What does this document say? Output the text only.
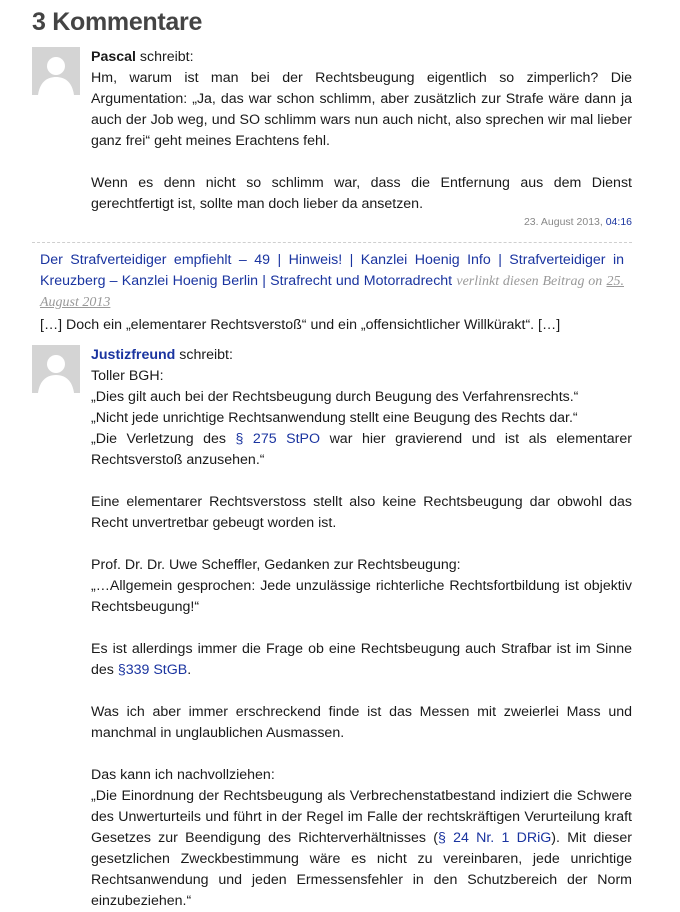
3 Kommentare
Pascal schreibt:

Hm, warum ist man bei der Rechtsbeugung eigentlich so zimperlich? Die Argumentation: „Ja, das war schon schlimm, aber zusätzlich zur Strafe wäre dann ja auch der Job weg, und SO schlimm wars nun auch nicht, also sprechen wir mal lieber ganz frei“ geht meines Erachtens fehl.

Wenn es denn nicht so schlimm war, dass die Entfernung aus dem Dienst gerechtfertigt ist, sollte man doch lieber da ansetzen.

23. August 2013, 04:16
Der Strafverteidiger empfiehlt – 49 | Hinweis! | Kanzlei Hoenig Info | Strafverteidiger in Kreuzberg – Kanzlei Hoenig Berlin | Strafrecht und Motorradrecht verlinkt diesen Beitrag on 25. August 2013
[…] Doch ein „elementarer Rechtsverstoß“ und ein „offensichtlicher Willkürakt“. […]
Justizfreund schreibt:

Toller BGH:

„Dies gilt auch bei der Rechtsbeugung durch Beugung des Verfahrensrechts.“

„Nicht jede unrichtige Rechtsanwendung stellt eine Beugung des Rechts dar.“

„Die Verletzung des § 275 StPO war hier gravierend und ist als elementarer Rechtsverstoß anzusehen.“

Eine elementarer Rechtsverstoss stellt also keine Rechtsbeugung dar obwohl das Recht unvertretbar gebeugt worden ist.

Prof. Dr. Dr. Uwe Scheffler, Gedanken zur Rechtsbeugung:

„…Allgemein gesprochen: Jede unzulässige richterliche Rechtsfortbildung ist objektiv Rechtsbeugung!“

Es ist allerdings immer die Frage ob eine Rechtsbeugung auch Strafbar ist im Sinne des §339 StGB.

Was ich aber immer erschreckend finde ist das Messen mit zweierlei Mass und manchmal in unglaublichen Ausmassen.

Das kann ich nachvollziehen:

„Die Einordnung der Rechtsbeugung als Verbrechenstatbestand indiziert die Schwere des Unwerturteils und führt in der Regel im Falle der rechtskräftigen Verurteilung kraft Gesetzes zur Beendigung des Richterverhältnisses (§ 24 Nr. 1 DRiG). Mit dieser gesetzlichen Zweckbestimmung wäre es nicht zu vereinbaren, jede unrichtige Rechtsanwendung und jeden Ermessensfehler in den Schutzbereich der Norm einzubeziehen.“
